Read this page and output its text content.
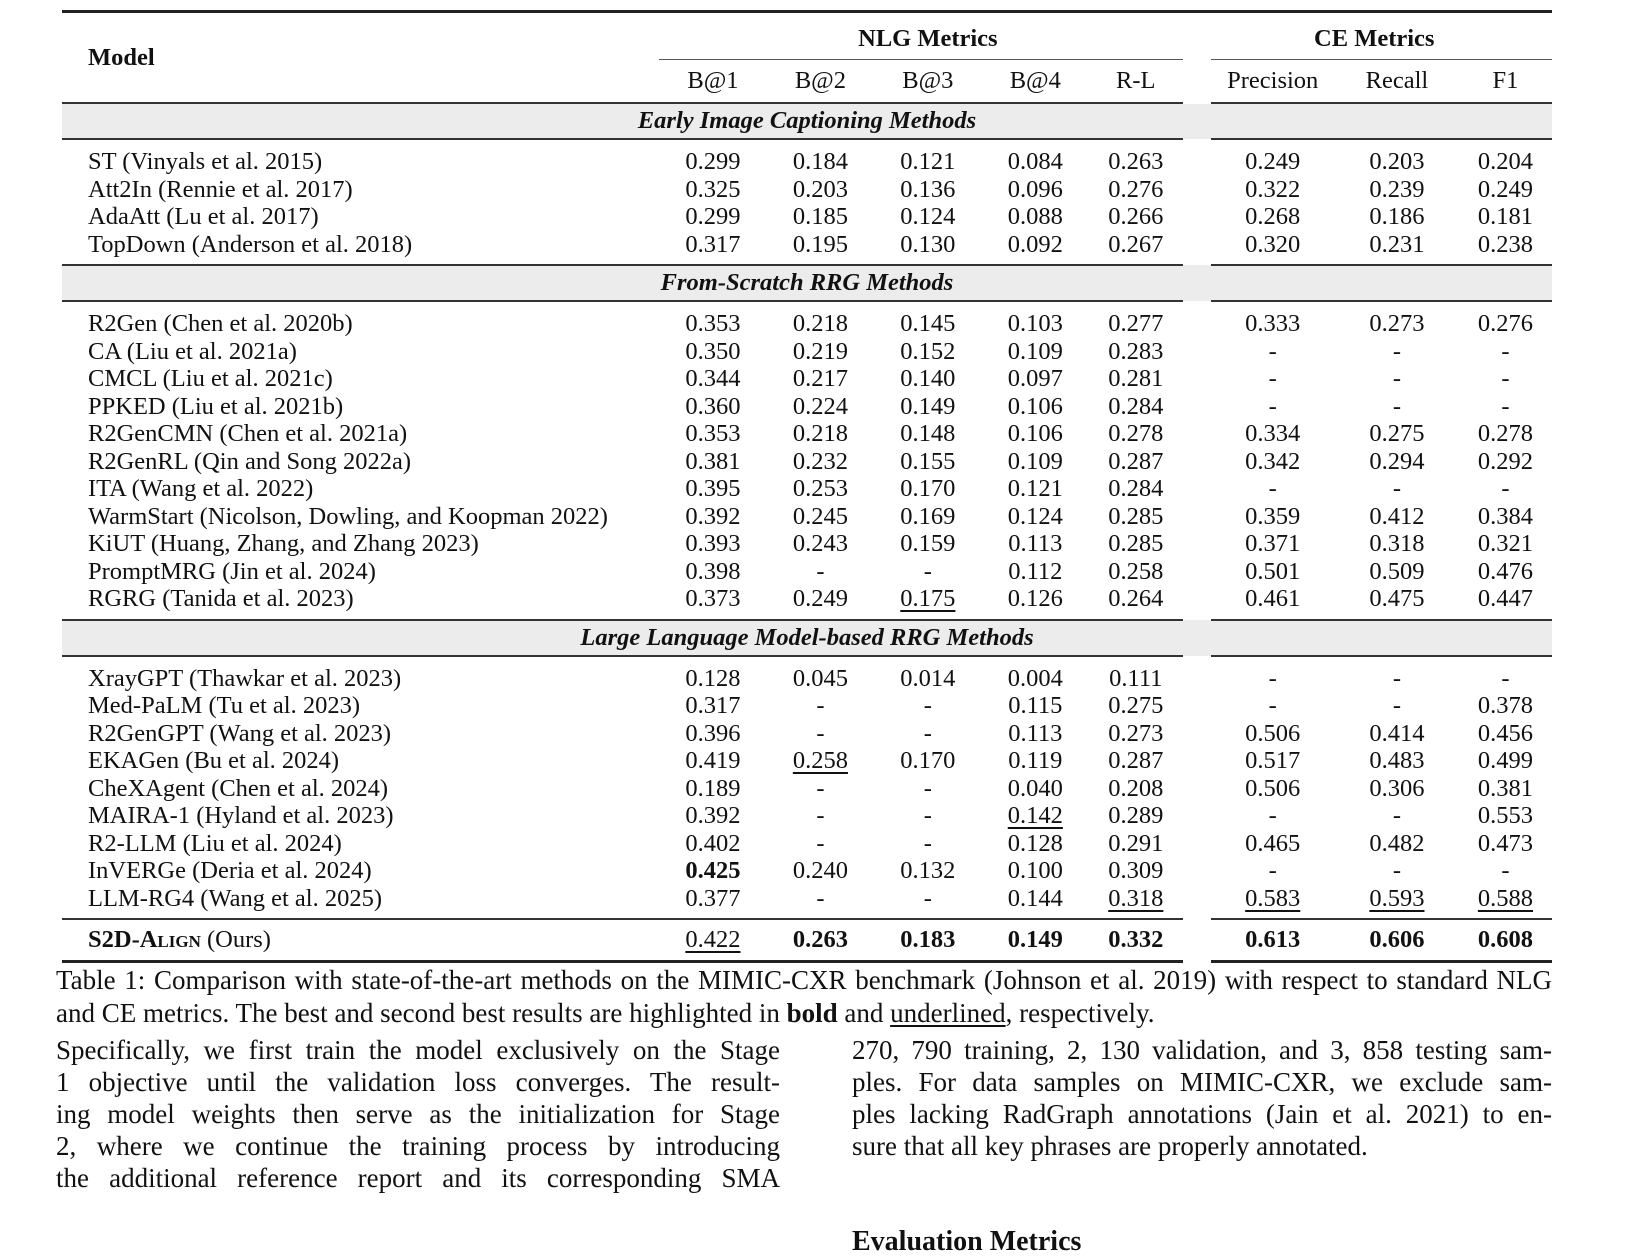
Model	NLG Metrics					CE Metrics		
	B@1	B@2	B@3	B@4	R-L	Precision	Recall	F1
Early Image Captioning Methods								
ST (Vinyals et al. 2015)	0.299	0.184	0.121	0.084	0.263	0.249	0.203	0.204
Att2In (Rennie et al. 2017)	0.325	0.203	0.136	0.096	0.276	0.322	0.239	0.249
AdaAtt (Lu et al. 2017)	0.299	0.185	0.124	0.088	0.266	0.268	0.186	0.181
TopDown (Anderson et al. 2018)	0.317	0.195	0.130	0.092	0.267	0.320	0.231	0.238
From-Scratch RRG Methods								
R2Gen (Chen et al. 2020b)	0.353	0.218	0.145	0.103	0.277	0.333	0.273	0.276
CA (Liu et al. 2021a)	0.350	0.219	0.152	0.109	0.283	-	-	-
CMCL (Liu et al. 2021c)	0.344	0.217	0.140	0.097	0.281	-	-	-
PPKED (Liu et al. 2021b)	0.360	0.224	0.149	0.106	0.284	-	-	-
R2GenCMN (Chen et al. 2021a)	0.353	0.218	0.148	0.106	0.278	0.334	0.275	0.278
R2GenRL (Qin and Song 2022a)	0.381	0.232	0.155	0.109	0.287	0.342	0.294	0.292
ITA (Wang et al. 2022)	0.395	0.253	0.170	0.121	0.284	-	-	-
WarmStart (Nicolson, Dowling, and Koopman 2022)	0.392	0.245	0.169	0.124	0.285	0.359	0.412	0.384
KiUT (Huang, Zhang, and Zhang 2023)	0.393	0.243	0.159	0.113	0.285	0.371	0.318	0.321
PromptMRG (Jin et al. 2024)	0.398	-	-	0.112	0.258	0.501	0.509	0.476
RGRG (Tanida et al. 2023)	0.373	0.249	0.175	0.126	0.264	0.461	0.475	0.447
Large Language Model-based RRG Methods								
XrayGPT (Thawkar et al. 2023)	0.128	0.045	0.014	0.004	0.111	-	-	-
Med-PaLM (Tu et al. 2023)	0.317	-	-	0.115	0.275	-	-	0.378
R2GenGPT (Wang et al. 2023)	0.396	-	-	0.113	0.273	0.506	0.414	0.456
EKAGen (Bu et al. 2024)	0.419	0.258	0.170	0.119	0.287	0.517	0.483	0.499
CheXAgent (Chen et al. 2024)	0.189	-	-	0.040	0.208	0.506	0.306	0.381
MAIRA-1 (Hyland et al. 2023)	0.392	-	-	0.142	0.289	-	-	0.553
R2-LLM (Liu et al. 2024)	0.402	-	-	0.128	0.291	0.465	0.482	0.473
InVERGe (Deria et al. 2024)	0.425	0.240	0.132	0.100	0.309	-	-	-
LLM-RG4 (Wang et al. 2025)	0.377	-	-	0.144	0.318	0.583	0.593	0.588
S2D-Align (Ours)	0.422	0.263	0.183	0.149	0.332	0.613	0.606	0.608
Table 1: Comparison with state-of-the-art methods on the MIMIC-CXR benchmark (Johnson et al. 2019) with respect to standard NLG and CE metrics. The best and second best results are highlighted in bold and underlined, respectively.
Specifically, we first train the model exclusively on the Stage
1 objective until the validation loss converges. The result-
ing model weights then serve as the initialization for Stage
2, where we continue the training process by introducing
the additional reference report and its corresponding SMA
270, 790 training, 2, 130 validation, and 3, 858 testing sam-
ples. For data samples on MIMIC-CXR, we exclude sam-
ples lacking RadGraph annotations (Jain et al. 2021) to en-
sure that all key phrases are properly annotated.
Evaluation Metrics
